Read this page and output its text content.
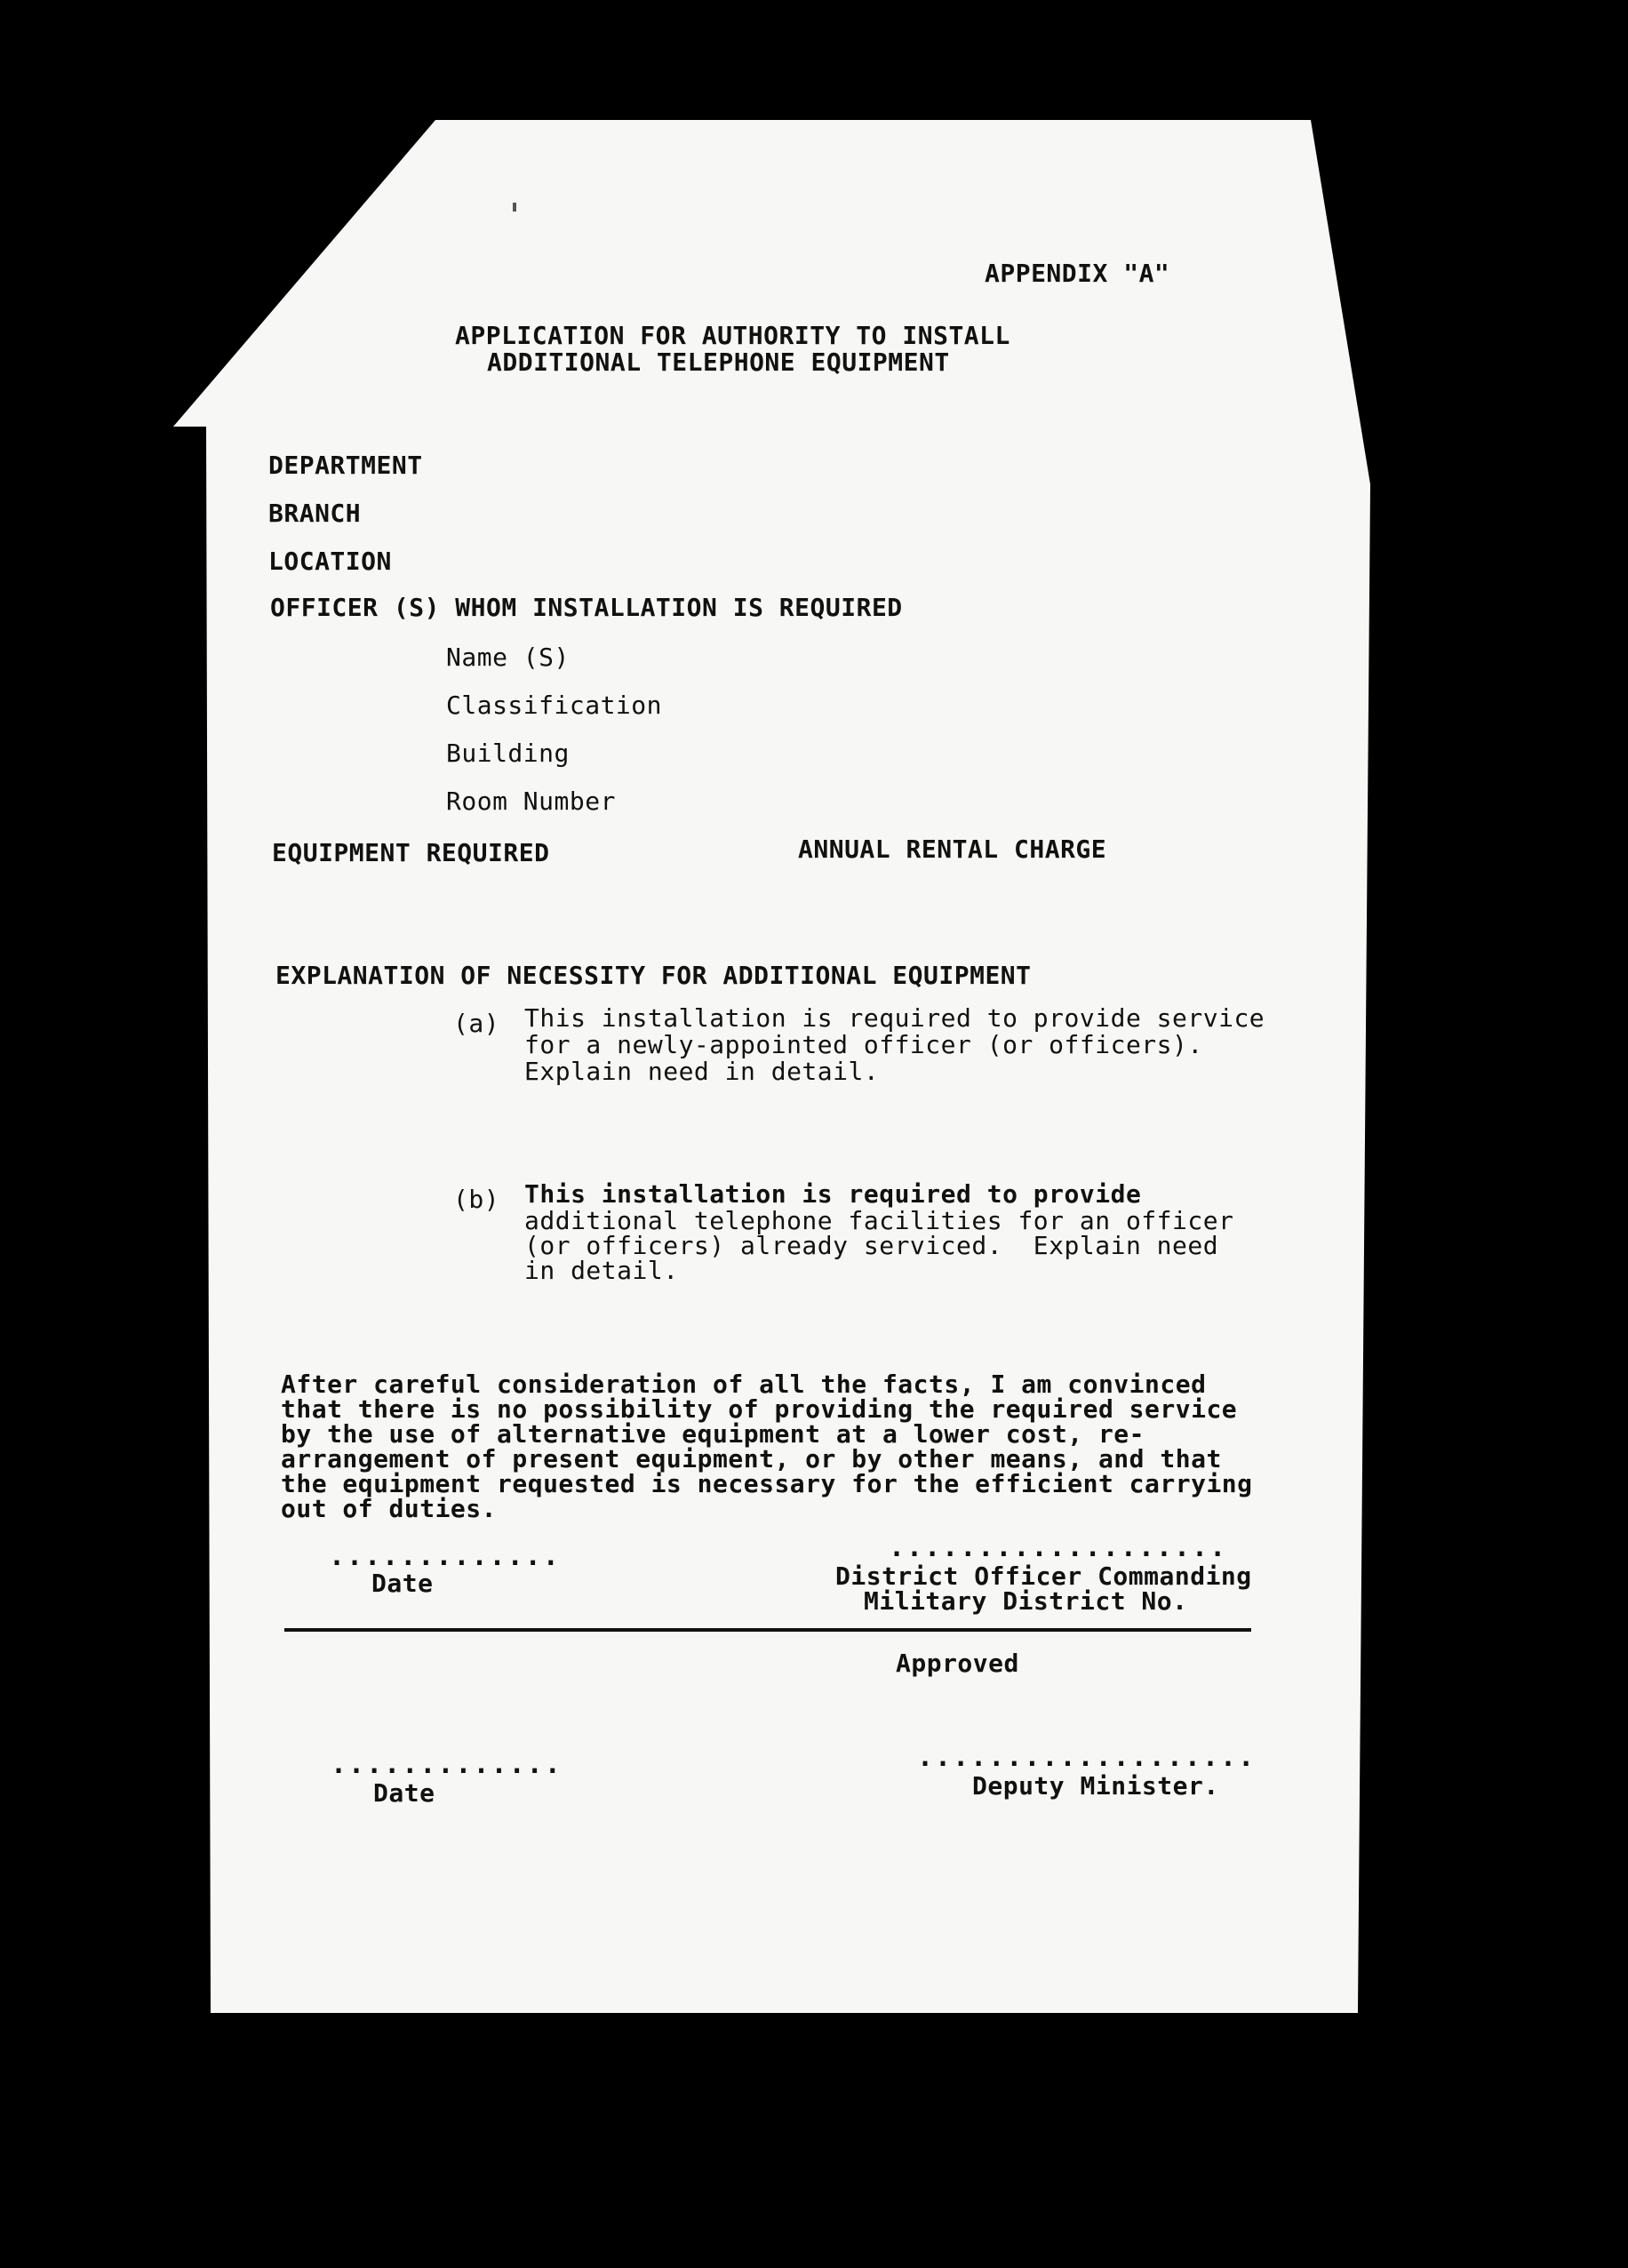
APPENDIX "A"
APPLICATION FOR AUTHORITY TO INSTALL
ADDITIONAL TELEPHONE EQUIPMENT
DEPARTMENT
BRANCH
LOCATION
OFFICER (S) WHOM INSTALLATION IS REQUIRED
Name (S)
Classification
Building
Room Number
EQUIPMENT REQUIRED	ANNUAL RENTAL CHARGE
EXPLANATION OF NECESSITY FOR ADDITIONAL EQUIPMENT
(a) This installation is required to provide service
for a newly-appointed officer (or officers).
Explain need in detail.
(b) This installation is required to provide
additional telephone facilities for an officer
(or officers) already serviced.  Explain need
in detail.
After careful consideration of all the facts, I am convinced
that there is no possibility of providing the required service
by the use of alternative equipment at a lower cost, re-
arrangement of present equipment, or by other means, and that
the equipment requested is necessary for the efficient carrying
out of duties.
.............
Date
...................
District Officer Commanding
Military District No.
Approved
.............
Date
...................
Deputy Minister.
